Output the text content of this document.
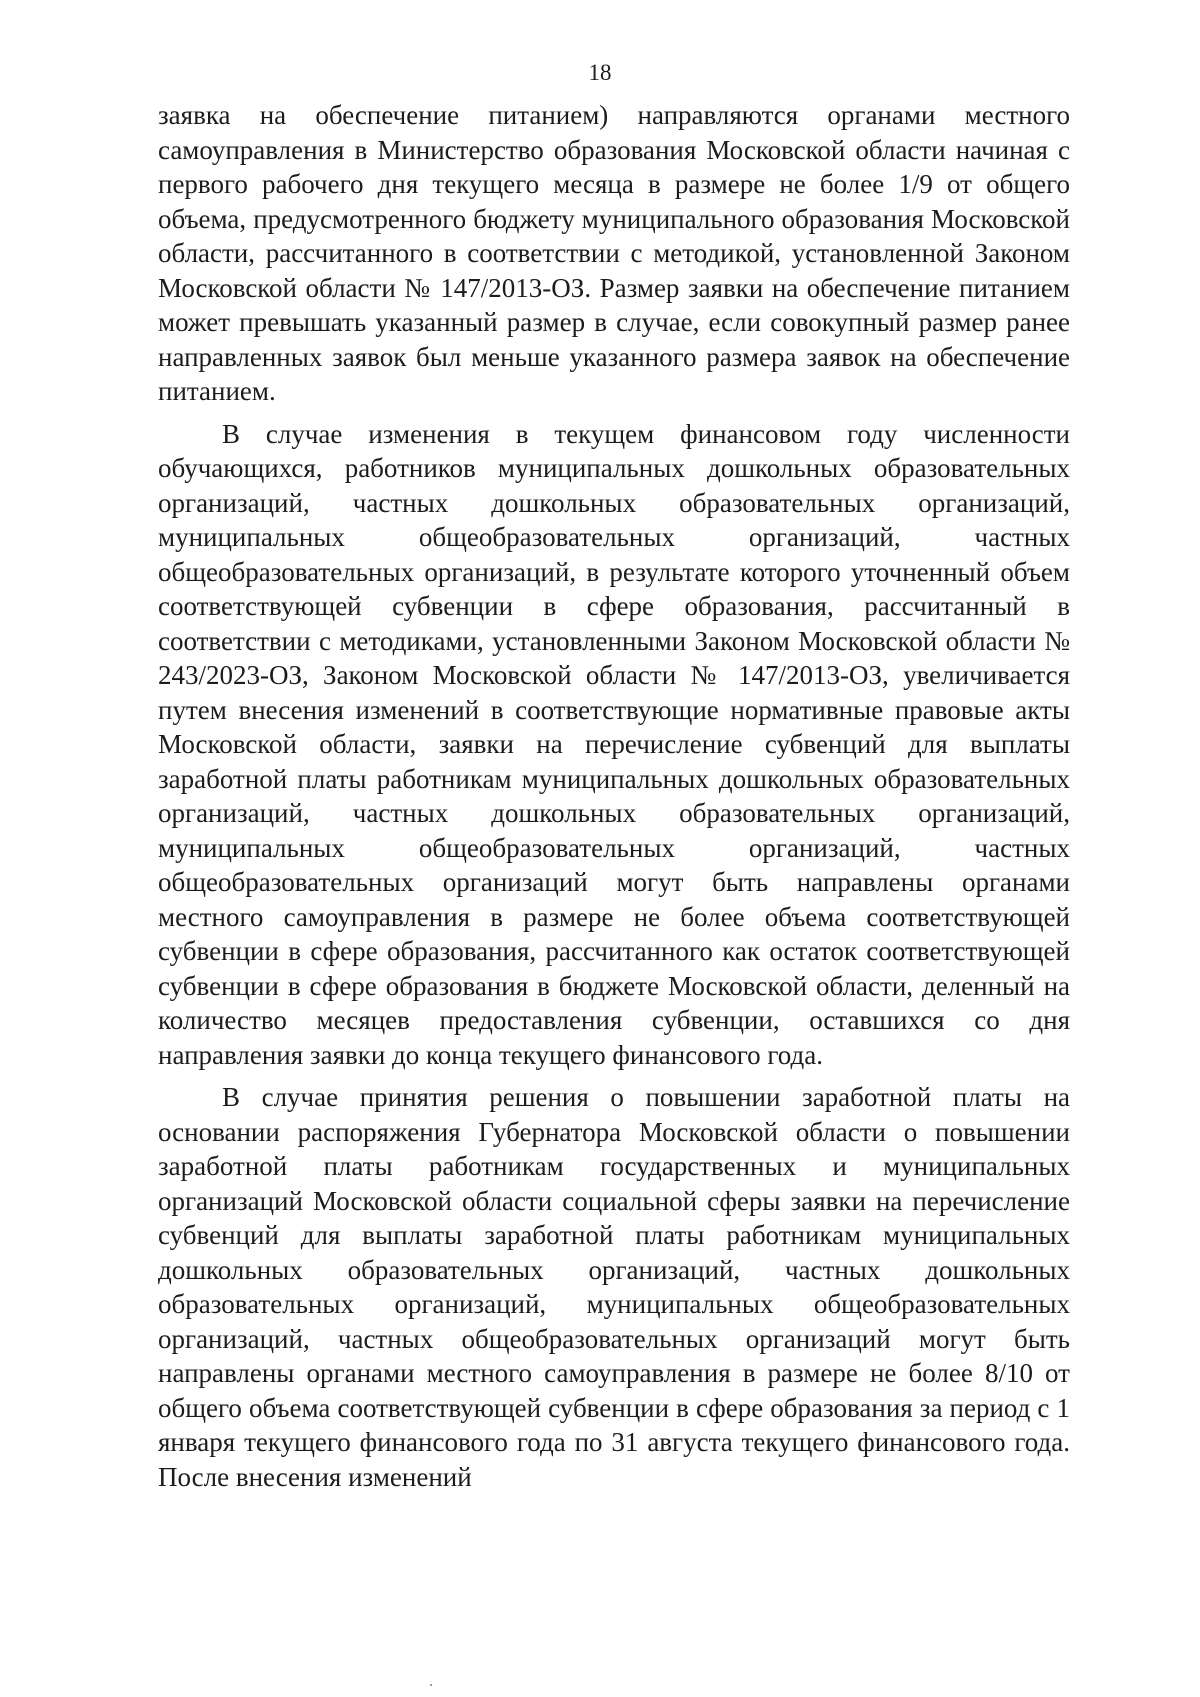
18

заявка на обеспечение питанием) направляются органами местного самоуправления в Министерство образования Московской области начиная с первого рабочего дня текущего месяца в размере не более 1/9 от общего объема, предусмотренного бюджету муниципального образования Московской области, рассчитанного в соответствии с методикой, установленной Законом Московской области № 147/2013-ОЗ. Размер заявки на обеспечение питанием может превышать указанный размер в случае, если совокупный размер ранее направленных заявок был меньше указанного размера заявок на обеспечение питанием.

В случае изменения в текущем финансовом году численности обучающихся, работников муниципальных дошкольных образовательных организаций, частных дошкольных образовательных организаций, муниципальных общеобразовательных организаций, частных общеобразовательных организаций, в результате которого уточненный объем соответствующей субвенции в сфере образования, рассчитанный в соответствии с методиками, установленными Законом Московской области № 243/2023-ОЗ, Законом Московской области № 147/2013-ОЗ, увеличивается путем внесения изменений в соответствующие нормативные правовые акты Московской области, заявки на перечисление субвенций для выплаты заработной платы работникам муниципальных дошкольных образовательных организаций, частных дошкольных образовательных организаций, муниципальных общеобразовательных организаций, частных общеобразовательных организаций могут быть направлены органами местного самоуправления в размере не более объема соответствующей субвенции в сфере образования, рассчитанного как остаток соответствующей субвенции в сфере образования в бюджете Московской области, деленный на количество месяцев предоставления субвенции, оставшихся со дня направления заявки до конца текущего финансового года.

В случае принятия решения о повышении заработной платы на основании распоряжения Губернатора Московской области о повышении заработной платы работникам государственных и муниципальных организаций Московской области социальной сферы заявки на перечисление субвенций для выплаты заработной платы работникам муниципальных дошкольных образовательных организаций, частных дошкольных образовательных организаций, муниципальных общеобразовательных организаций, частных общеобразовательных организаций могут быть направлены органами местного самоуправления в размере не более 8/10 от общего объема соответствующей субвенции в сфере образования за период с 1 января текущего финансового года по 31 августа текущего финансового года. После внесения изменений
